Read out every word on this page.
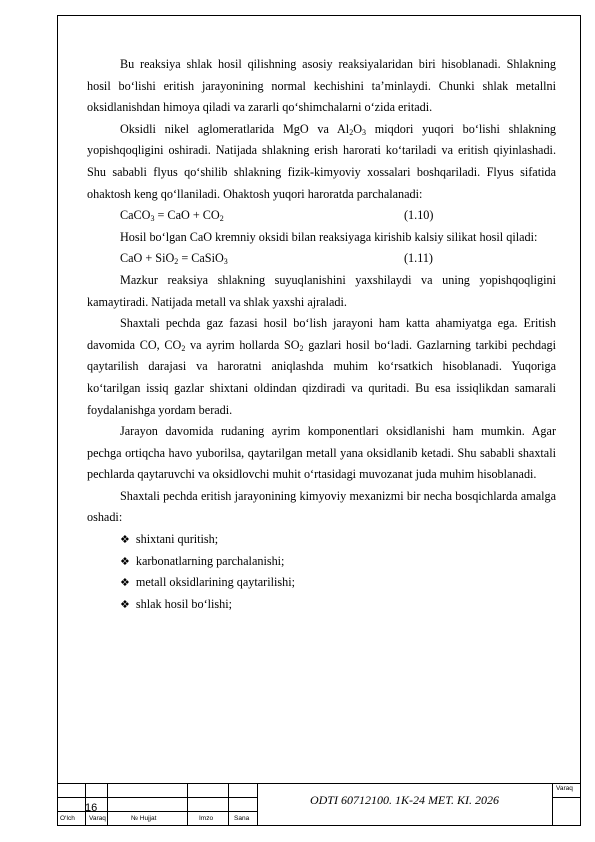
Bu reaksiya shlak hosil qilishning asosiy reaksiyalaridan biri hisoblanadi. Shlakning hosil bo‘lishi eritish jarayonining normal kechishini ta’minlaydi. Chunki shlak metallni oksidlanishdan himoya qiladi va zararli qo‘shimchalarni o‘zida eritadi.

Oksidli nikel aglomeratlarida MgO va $Al_2O_3$ miqdori yuqori bo‘lishi shlakning yopishqoqligini oshiradi. Natijada shlakning erish harorati ko‘tariladi va eritish qiyinlashadi. Shu sababli flyus qo‘shilib shlakning fizik-kimyoviy xossalari boshqariladi. Flyus sifatida ohaktosh keng qo‘llaniladi. Ohaktosh yuqori haroratda parchalanadi:

CaCO$_3$ = CaO + $CO_2$	(1.10)

Hosil bo‘lgan CaO kremniy oksidi bilan reaksiyaga kirishib kalsiy silikat hosil qiladi:

CaO + SiO$_2$ = CaSiO$_3$	(1.11)

Mazkur reaksiya shlakning suyuqlanishini yaxshilaydi va uning yopishqoqligini kamaytiradi. Natijada metall va shlak yaxshi ajraladi.

Shaxtali pechda gaz fazasi hosil bo‘lish jarayoni ham katta ahamiyatga ega. Eritish davomida CO, $CO_2$ va ayrim hollarda $SO_2$ gazlari hosil bo‘ladi. Gazlarning tarkibi pechdagi qaytarilish darajasi va haroratni aniqlashda muhim ko‘rsatkich hisoblanadi. Yuqoriga ko‘tarilgan issiq gazlar shixtani oldindan qizdiradi va quritadi. Bu esa issiqlikdan samarali foydalanishga yordam beradi.

Jarayon davomida rudaning ayrim komponentlari oksidlanishi ham mumkin. Agar pechga ortiqcha havo yuborilsa, qaytarilgan metall yana oksidlanib ketadi. Shu sababli shaxtali pechlarda qaytaruvchi va oksidlovchi muhit o‘rtasidagi muvozanat juda muhim hisoblanadi.

Shaxtali pechda eritish jarayonining kimyoviy mexanizmi bir necha bosqichlarda amalga oshadi:

❖ shixtani quritish;
❖ karbonatlarning parchalanishi;
❖ metall oksidlarining qaytarilishi;
❖ shlak hosil bo‘lishi;
16
ODTI 60712100. 1K-24 MET. KI. 2026
Varaq
O‘lch Varaq	№ Hujjat	Imzo	Sana
